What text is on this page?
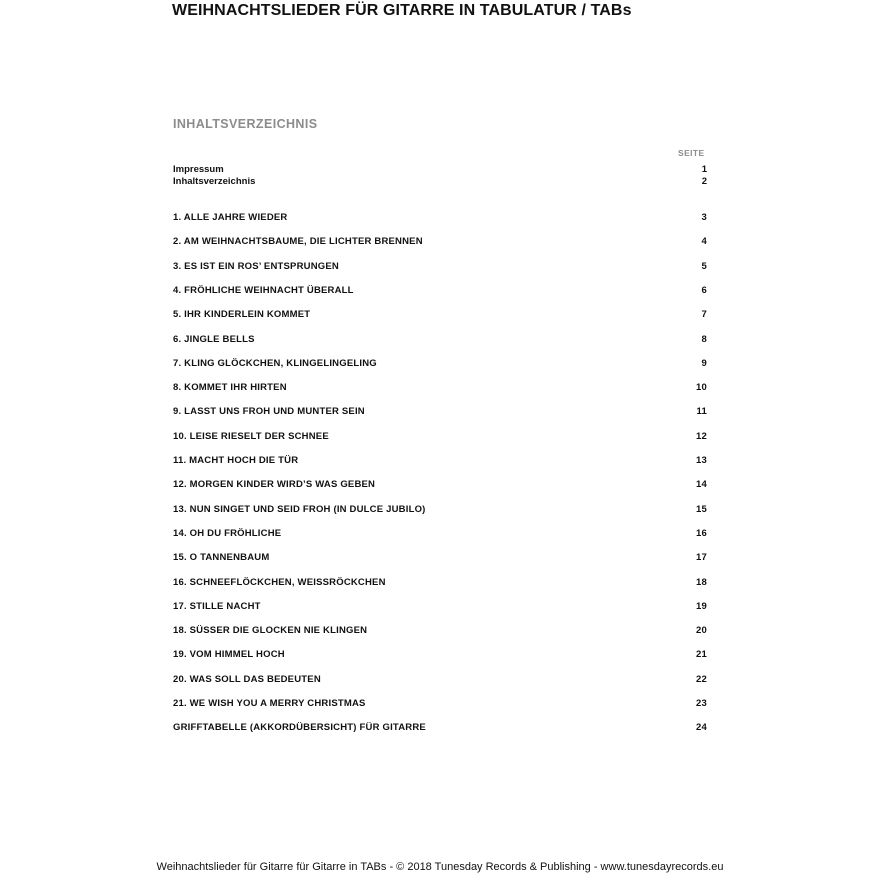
WEIHNACHTSLIEDER FÜR GITARRE IN TABULATUR / TABs
INHALTSVERZEICHNIS
SEITE
Impressum	1
Inhaltsverzeichnis	2
1. ALLE JAHRE WIEDER	3
2. AM WEIHNACHTSBAUME, DIE LICHTER BRENNEN	4
3. ES IST EIN ROS’ ENTSPRUNGEN	5
4. FRÖHLICHE WEIHNACHT ÜBERALL	6
5. IHR KINDERLEIN KOMMET	7
6. JINGLE BELLS	8
7. KLING GLÖCKCHEN, KLINGELINGELING	9
8. KOMMET IHR HIRTEN	10
9. LASST UNS FROH UND MUNTER SEIN	11
10. LEISE RIESELT DER SCHNEE	12
11. MACHT HOCH DIE TÜR	13
12. MORGEN KINDER WIRD’S WAS GEBEN	14
13. NUN SINGET UND SEID FROH (IN DULCE JUBILO)	15
14. OH DU FRÖHLICHE	16
15. O TANNENBAUM	17
16. SCHNEEFLÖCKCHEN, WEISSRÖCKCHEN	18
17. STILLE NACHT	19
18. SÜSSER DIE GLOCKEN NIE KLINGEN	20
19. VOM HIMMEL HOCH	21
20. WAS SOLL DAS BEDEUTEN	22
21. WE WISH YOU A MERRY CHRISTMAS	23
GRIFFTABELLE (AKKORDÜBERSICHT) FÜR GITARRE	24
Weihnachtslieder für Gitarre für Gitarre in TABs - © 2018 Tunesday Records & Publishing - www.tunesdayrecords.eu
